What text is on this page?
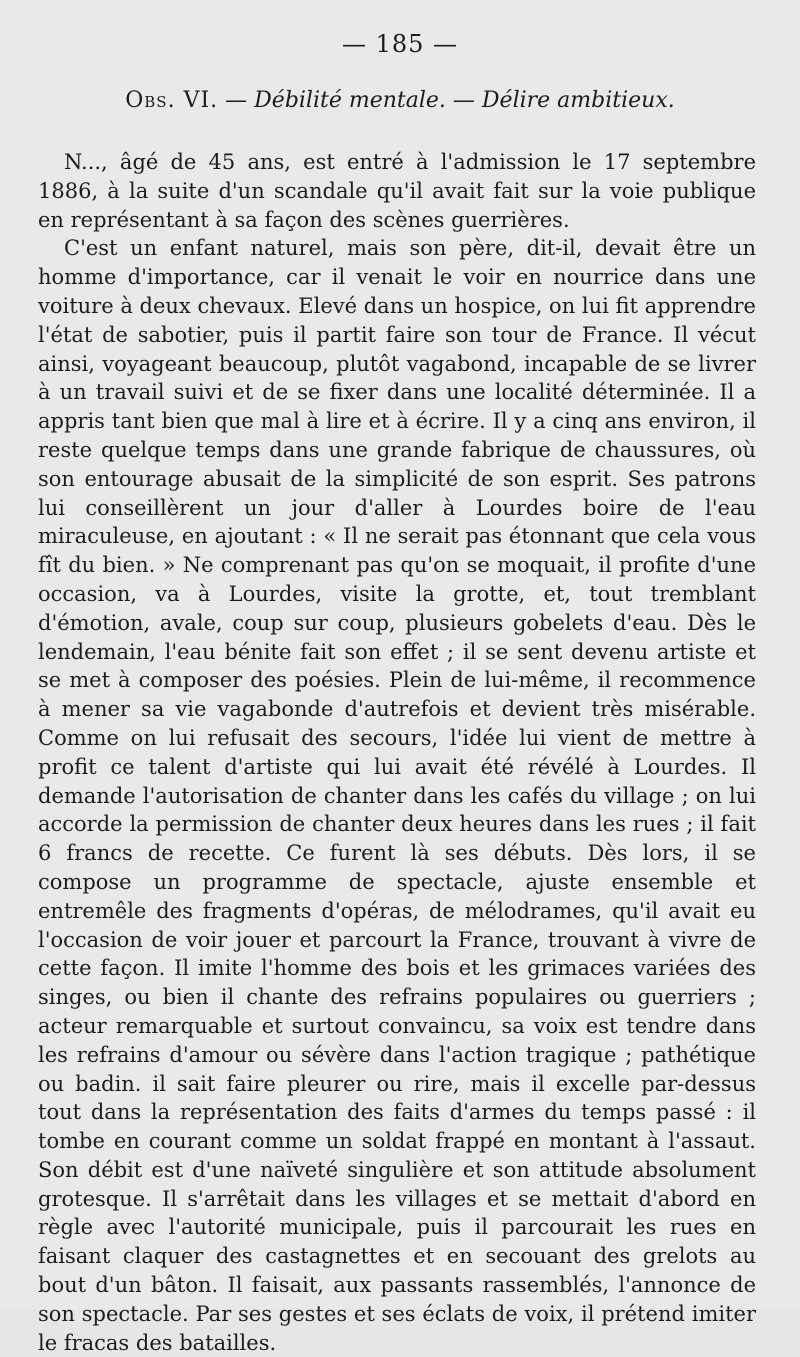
— 185 —
Obs. VI. — Débilité mentale. — Délire ambitieux.

N..., âgé de 45 ans, est entré à l'admission le 17 septembre 1886, à la suite d'un scandale qu'il avait fait sur la voie publique en représentant à sa façon des scènes guerrières.

C'est un enfant naturel, mais son père, dit-il, devait être un homme d'importance, car il venait le voir en nourrice dans une voiture à deux chevaux. Elevé dans un hospice, on lui fit apprendre l'état de sabotier, puis il partit faire son tour de France. Il vécut ainsi, voyageant beaucoup, plutôt vagabond, incapable de se livrer à un travail suivi et de se fixer dans une localité déterminée. Il a appris tant bien que mal à lire et à écrire. Il y a cinq ans environ, il reste quelque temps dans une grande fabrique de chaussures, où son entourage abusait de la simplicité de son esprit. Ses patrons lui conseillèrent un jour d'aller à Lourdes boire de l'eau miraculeuse, en ajoutant : « Il ne serait pas étonnant que cela vous fît du bien. » Ne comprenant pas qu'on se moquait, il profite d'une occasion, va à Lourdes, visite la grotte, et, tout tremblant d'émotion, avale, coup sur coup, plusieurs gobelets d'eau. Dès le lendemain, l'eau bénite fait son effet ; il se sent devenu artiste et se met à composer des poésies. Plein de lui-même, il recommence à mener sa vie vagabonde d'autrefois et devient très misérable. Comme on lui refusait des secours, l'idée lui vient de mettre à profit ce talent d'artiste qui lui avait été révélé à Lourdes. Il demande l'autorisation de chanter dans les cafés du village ; on lui accorde la permission de chanter deux heures dans les rues ; il fait 6 francs de recette. Ce furent là ses débuts. Dès lors, il se compose un programme de spectacle, ajuste ensemble et entremêle des fragments d'opéras, de mélodrames, qu'il avait eu l'occasion de voir jouer et parcourt la France, trouvant à vivre de cette façon. Il imite l'homme des bois et les grimaces variées des singes, ou bien il chante des refrains populaires ou guerriers ; acteur remarquable et surtout convaincu, sa voix est tendre dans les refrains d'amour ou sévère dans l'action tragique ; pathétique ou badin. il sait faire pleurer ou rire, mais il excelle par-dessus tout dans la représentation des faits d'armes du temps passé : il tombe en courant comme un soldat frappé en montant à l'assaut. Son débit est d'une naïveté singulière et son attitude absolument grotesque. Il s'arrêtait dans les villages et se mettait d'abord en règle avec l'autorité municipale, puis il parcourait les rues en faisant claquer des castagnettes et en secouant des grelots au bout d'un bâton. Il faisait, aux passants rassemblés, l'annonce de son spectacle. Par ses gestes et ses éclats de voix, il prétend imiter le fracas des batailles.
